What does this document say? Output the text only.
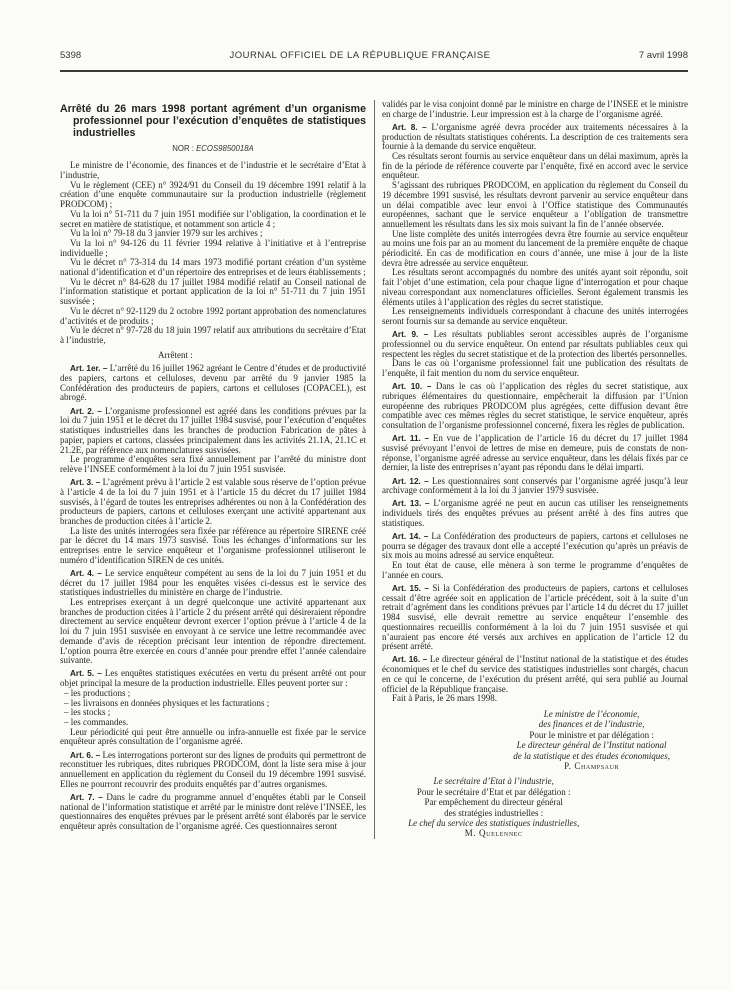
5398	JOURNAL OFFICIEL DE LA RÉPUBLIQUE FRANÇAISE	7 avril 1998
Arrêté du 26 mars 1998 portant agrément d’un organisme professionnel pour l’exécution d’enquêtes de statistiques industrielles
NOR : ECOS9850018A

Le ministre de l’économie, des finances et de l’industrie et le secrétaire d’Etat à l’industrie,

Vu le règlement (CEE) n° 3924/91 du Conseil du 19 décembre 1991 relatif à la création d’une enquête communautaire sur la production industrielle (règlement PRODCOM) ;

Vu la loi n° 51-711 du 7 juin 1951 modifiée sur l’obligation, la coordination et le secret en matière de statistique, et notamment son article 4 ;

Vu la loi n° 79-18 du 3 janvier 1979 sur les archives ;

Vu la loi n° 94-126 du 11 février 1994 relative à l’initiative et à l’entreprise individuelle ;

Vu le décret n° 73-314 du 14 mars 1973 modifié portant création d’un système national d’identification et d’un répertoire des entreprises et de leurs établissements ;

Vu le décret n° 84-628 du 17 juillet 1984 modifié relatif au Conseil national de l’information statistique et portant application de la loi n° 51-711 du 7 juin 1951 susvisée ;

Vu le décret n° 92-1129 du 2 octobre 1992 portant approbation des nomenclatures d’activités et de produits ;

Vu le décret n° 97-728 du 18 juin 1997 relatif aux attributions du secrétaire d’Etat à l’industrie,

Arrêtent :

Art. 1er. – L’arrêté du 16 juillet 1962 agréant le Centre d’études et de productivité des papiers, cartons et celluloses, devenu par arrêté du 9 janvier 1985 la Confédération des producteurs de papiers, cartons et celluloses (COPACEL), est abrogé.

Art. 2. – L’organisme professionnel est agréé dans les conditions prévues par la loi du 7 juin 1951 et le décret du 17 juillet 1984 susvisé, pour l’exécution d’enquêtes statistiques industrielles dans les branches de production Fabrication de pâtes à papier, papiers et cartons, classées principalement dans les activités 21.1A, 21.1C et 21.2E, par référence aux nomenclatures susvisées.

Le programme d’enquêtes sera fixé annuellement par l’arrêté du ministre dont relève l’INSEE conformément à la loi du 7 juin 1951 susvisée.

Art. 3. – L’agrément prévu à l’article 2 est valable sous réserve de l’option prévue à l’article 4 de la loi du 7 juin 1951 et à l’article 15 du décret du 17 juillet 1984 susvisés, à l’égard de toutes les entreprises adhérentes ou non à la Confédération des producteurs de papiers, cartons et celluloses exerçant une activité appartenant aux branches de production citées à l’article 2.

La liste des unités interrogées sera fixée par référence au répertoire SIRENE créé par le décret du 14 mars 1973 susvisé. Tous les échanges d’informations sur les entreprises entre le service enquêteur et l’organisme professionnel utiliseront le numéro d’identification SIREN de ces unités.

Art. 4. – Le service enquêteur compétent au sens de la loi du 7 juin 1951 et du décret du 17 juillet 1984 pour les enquêtes visées ci-dessus est le service des statistiques industrielles du ministère en charge de l’industrie.

Les entreprises exerçant à un degré quelconque une activité appartenant aux branches de production citées à l’article 2 du présent arrêté qui désireraient répondre directement au service enquêteur devront exercer l’option prévue à l’article 4 de la loi du 7 juin 1951 susvisée en envoyant à ce service une lettre recommandée avec demande d’avis de réception précisant leur intention de répondre directement. L’option pourra être exercée en cours d’année pour prendre effet l’année calendaire suivante.

Art. 5. – Les enquêtes statistiques exécutées en vertu du présent arrêté ont pour objet principal la mesure de la production industrielle. Elles peuvent porter sur :

– les productions ;

– les livraisons en données physiques et les facturations ;

– les stocks ;

– les commandes.

Leur périodicité qui peut être annuelle ou infra-annuelle est fixée par le service enquêteur après consultation de l’organisme agréé.

Art. 6. – Les interrogations porteront sur des lignes de produits qui permettront de reconstituer les rubriques, dites rubriques PRODCOM, dont la liste sera mise à jour annuellement en application du règlement du Conseil du 19 décembre 1991 susvisé. Elles ne pourront recouvrir des produits enquêtés par d’autres organismes.

Art. 7. – Dans le cadre du programme annuel d’enquêtes établi par le Conseil national de l’information statistique et arrêté par le ministre dont relève l’INSEE, les questionnaires des enquêtes prévues par le présent arrêté sont élaborés par le service enquêteur après consultation de l’organisme agréé. Ces questionnaires seront

validés par le visa conjoint donné par le ministre en charge de l’INSEE et le ministre en charge de l’industrie. Leur impression est à la charge de l’organisme agréé.

Art. 8. – L’organisme agréé devra procéder aux traitements nécessaires à la production de résultats statistiques cohérents. La description de ces traitements sera fournie à la demande du service enquêteur.

Ces résultats seront fournis au service enquêteur dans un délai maximum, après la fin de la période de référence couverte par l’enquête, fixé en accord avec le service enquêteur.

S’agissant des rubriques PRODCOM, en application du règlement du Conseil du 19 décembre 1991 susvisé, les résultats devront parvenir au service enquêteur dans un délai compatible avec leur envoi à l’Office statistique des Communautés européennes, sachant que le service enquêteur a l’obligation de transmettre annuellement les résultats dans les six mois suivant la fin de l’année observée.

Une liste complète des unités interrogées devra être fournie au service enquêteur au moins une fois par an au moment du lancement de la première enquête de chaque périodicité. En cas de modification en cours d’année, une mise à jour de la liste devra être adressée au service enquêteur.

Les résultats seront accompagnés du nombre des unités ayant soit répondu, soit fait l’objet d’une estimation, cela pour chaque ligne d’interrogation et pour chaque niveau correspondant aux nomenclatures officielles. Seront également transmis les éléments utiles à l’application des règles du secret statistique.

Les renseignements individuels correspondant à chacune des unités interrogées seront fournis sur sa demande au service enquêteur.

Art. 9. – Les résultats publiables seront accessibles auprès de l’organisme professionnel ou du service enquêteur. On entend par résultats publiables ceux qui respectent les règles du secret statistique et de la protection des libertés personnelles.

Dans le cas où l’organisme professionnel fait une publication des résultats de l’enquête, il fait mention du nom du service enquêteur.

Art. 10. – Dans le cas où l’application des règles du secret statistique, aux rubriques élémentaires du questionnaire, empêcherait la diffusion par l’Union européenne des rubriques PRODCOM plus agrégées, cette diffusion devant être compatible avec ces mêmes règles du secret statistique, le service enquêteur, après consultation de l’organisme professionnel concerné, fixera les règles de publication.

Art. 11. – En vue de l’application de l’article 16 du décret du 17 juillet 1984 susvisé prévoyant l’envoi de lettres de mise en demeure, puis de constats de non-réponse, l’organisme agréé adresse au service enquêteur, dans les délais fixés par ce dernier, la liste des entreprises n’ayant pas répondu dans le délai imparti.

Art. 12. – Les questionnaires sont conservés par l’organisme agréé jusqu’à leur archivage conformément à la loi du 3 janvier 1979 susvisée.

Art. 13. – L’organisme agréé ne peut en aucun cas utiliser les renseignements individuels tirés des enquêtes prévues au présent arrêté à des fins autres que statistiques.

Art. 14. – La Confédération des producteurs de papiers, cartons et celluloses ne pourra se dégager des travaux dont elle a accepté l’exécution qu’après un préavis de six mois au moins adressé au service enquêteur.

En tout état de cause, elle mènera à son terme le programme d’enquêtes de l’année en cours.

Art. 15. – Si la Confédération des producteurs de papiers, cartons et celluloses cessait d’être agréée soit en application de l’article précédent, soit à la suite d’un retrait d’agrément dans les conditions prévues par l’article 14 du décret du 17 juillet 1984 susvisé, elle devrait remettre au service enquêteur l’ensemble des questionnaires recueillis conformément à la loi du 7 juin 1951 susvisée et qui n’auraient pas encore été versés aux archives en application de l’article 12 du présent arrêté.

Art. 16. – Le directeur général de l’Institut national de la statistique et des études économiques et le chef du service des statistiques industrielles sont chargés, chacun en ce qui le concerne, de l’exécution du présent arrêté, qui sera publié au Journal officiel de la République française.

Fait à Paris, le 26 mars 1998.

Le ministre de l’économie,
des finances et de l’industrie,
Pour le ministre et par délégation :
Le directeur général de l’Institut national
de la statistique et des études économiques,
P. Champsaur
Le secrétaire d’Etat à l’industrie,
Pour le secrétaire d’Etat et par délégation :
Par empêchement du directeur général
des stratégies industrielles :
Le chef du service des statistiques industrielles,
M. Quelennec
